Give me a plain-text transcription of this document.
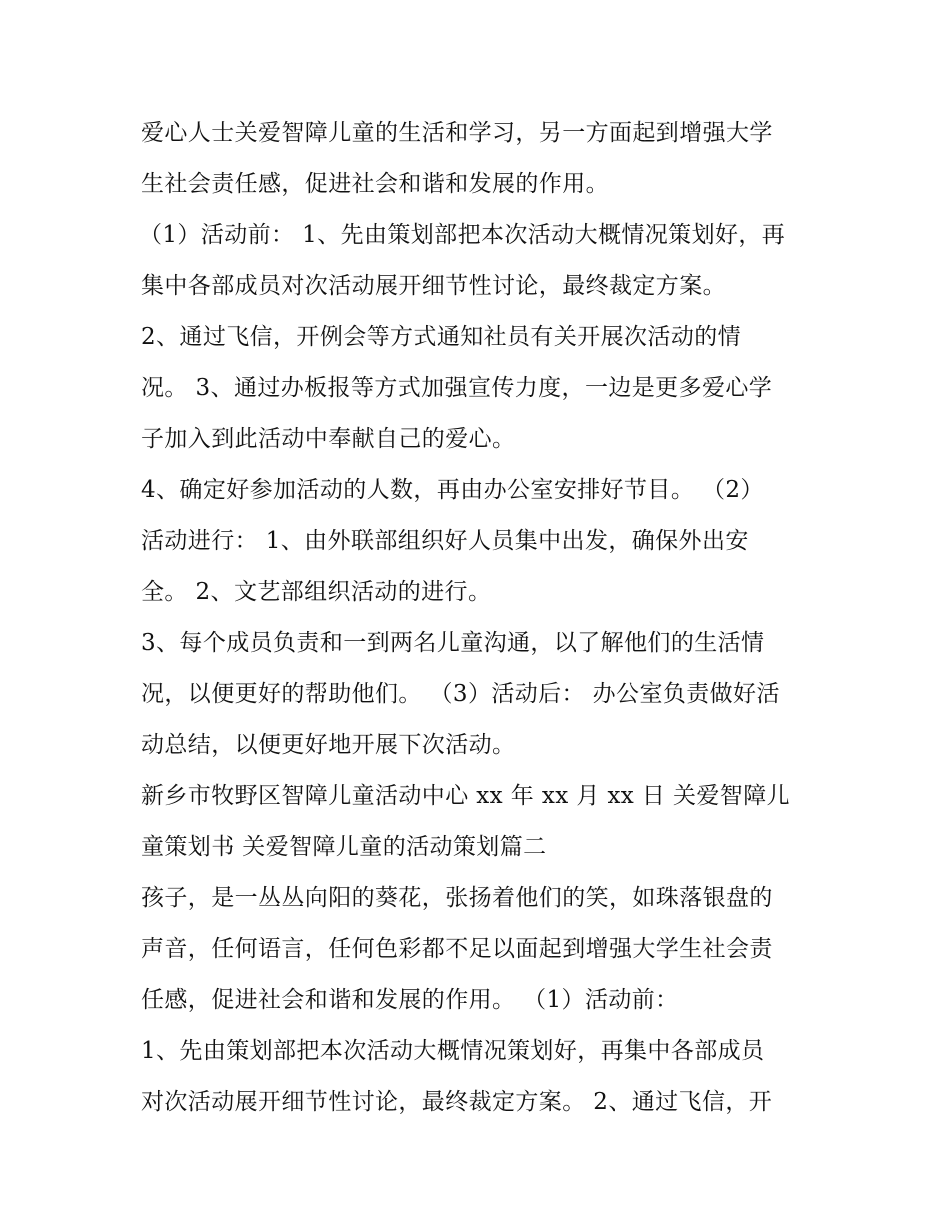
爱心人士关爱智障儿童的生活和学习，另一方面起到增强大学
生社会责任感，促进社会和谐和发展的作用。
（1）活动前： 1、先由策划部把本次活动大概情况策划好，再
集中各部成员对次活动展开细节性讨论，最终裁定方案。
2、通过飞信，开例会等方式通知社员有关开展次活动的情
况。 3、通过办板报等方式加强宣传力度，一边是更多爱心学
子加入到此活动中奉献自己的爱心。
4、确定好参加活动的人数，再由办公室安排好节目。 （2）
活动进行： 1、由外联部组织好人员集中出发，确保外出安
全。 2、文艺部组织活动的进行。
3、每个成员负责和一到两名儿童沟通，以了解他们的生活情
况，以便更好的帮助他们。 （3）活动后： 办公室负责做好活
动总结，以便更好地开展下次活动。
新乡市牧野区智障儿童活动中心 xx 年 xx 月 xx 日 关爱智障儿
童策划书 关爱智障儿童的活动策划篇二
孩子，是一丛丛向阳的葵花，张扬着他们的笑，如珠落银盘的
声音，任何语言，任何色彩都不足以面起到增强大学生社会责
任感，促进社会和谐和发展的作用。 （1）活动前：
1、先由策划部把本次活动大概情况策划好，再集中各部成员
对次活动展开细节性讨论，最终裁定方案。 2、通过飞信，开
